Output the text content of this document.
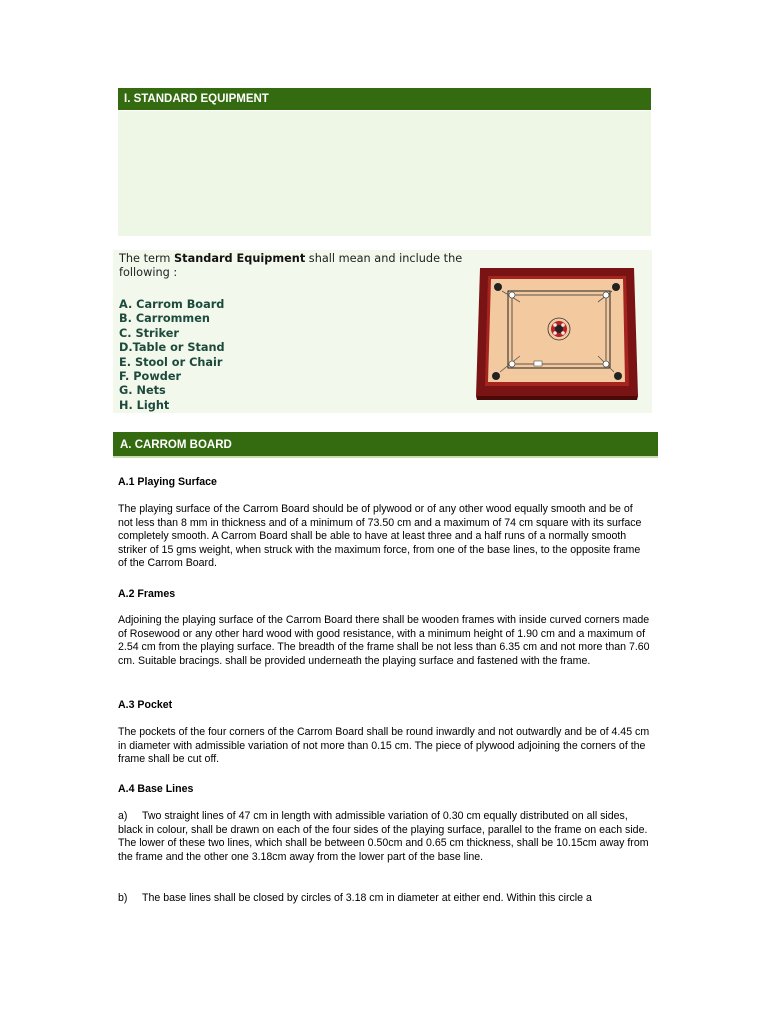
I. STANDARD EQUIPMENT
The term Standard Equipment shall mean and include the following :
A. Carrom Board
B. Carrommen
C. Striker
D.Table or Stand
E. Stool or Chair
F. Powder
G. Nets
H. Light
A. CARROM BOARD
A.1 Playing Surface

The playing surface of the Carrom Board should be of plywood or of any other wood equally smooth and be of not less than 8 mm in thickness and of a minimum of 73.50 cm and a maximum of 74 cm square with its surface completely smooth. A Carrom Board shall be able to have at least three and a half runs of a normally smooth striker of 15 gms weight, when struck with the maximum force, from one of the base lines, to the opposite frame of the Carrom Board.

A.2 Frames

Adjoining the playing surface of the Carrom Board there shall be wooden frames with inside curved corners made of Rosewood or any other hard wood with good resistance, with a minimum height of 1.90 cm and a maximum of 2.54 cm from the playing surface. The breadth of the frame shall be not less than 6.35 cm and not more than 7.60 cm. Suitable bracings. shall be provided underneath the playing surface and fastened with the frame.

A.3 Pocket

The pockets of the four corners of the Carrom Board shall be round inwardly and not outwardly and be of 4.45 cm in diameter with admissible variation of not more than 0.15 cm. The piece of plywood adjoining the corners of the frame shall be cut off.

A.4 Base Lines

a) Two straight lines of 47 cm in length with admissible variation of 0.30 cm equally distributed on all sides, black in colour, shall be drawn on each of the four sides of the playing surface, parallel to the frame on each side. The lower of these two lines, which shall be between 0.50cm and 0.65 cm thickness, shall be 10.15cm away from the frame and the other one 3.18cm away from the lower part of the base line.

b) The base lines shall be closed by circles of 3.18 cm in diameter at either end. Within this circle a
